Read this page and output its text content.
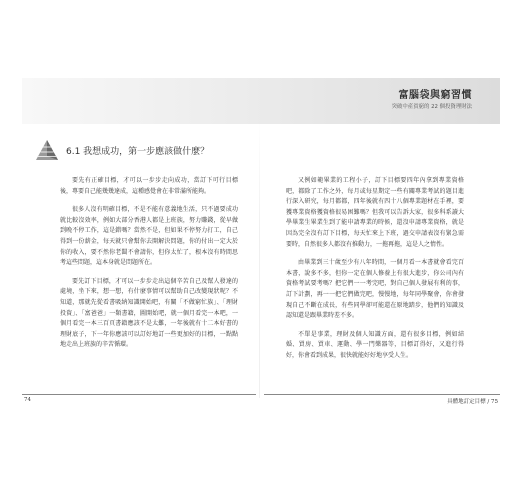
富腦袋與窮習慣
突破中產貧窮的 22 個投資理財法
6.1 我想成功，第一步應該做什麼？

要先有正確目標，才可以一步步走向成功，當訂下可行目標後，專要自己能幾幾達成，這種感覺會在非常滿所能夠。

很多人沒有明確目標，不是不能有意義地生活，只不過要成功就比較沒效率，例如大部分香港人都是上班族，努力賺錢，從早做到晚不停工作，這是錯嗎？當然不是，但如果不停努力打工，自己得到一份薪金，每天就只會幫你去開解決問題，你的付出一定大於你的收入，要不然你老闆不會請你，但你太忙了，根本沒有時間思考這些問題，這本身就是問題所在。

要先訂下目標，才可以一步步走出這個辛苦自己及幫人發達的處境，坐下來，想一想，有什麼事情可以幫助自己改變現狀呢？不知道，那就先從看書吸納知識開始吧，有關「不做窮忙族」、「理財投資」、「富爸爸」一類書籍，圖開始吧，就一個月看完一本吧，一個月看完一本三百頁書籍應該不是太難，一年後就有十二本好書的理財底子，下一年你應該可以訂好地訂一些更加好的目標，一點點地走出上班族的辛苦循環。

又例如範畢業的工程小子，訂下目標要四年內拿到專業資格吧，都除了工作之外，每月或每星期定一些有關專業考試的題目進行深入研究，每月都都，四年後就有四十八個專業題材在手裡，要獲專業資格獲資格很易困難嗎？但我可以告訴大家，很多科系讀大學畢業生畢業生到了能申請專業的時候，還沒申請專業資格，就是因為完全沒有訂下目標，每天忙來上下班，過交申請表沒有緊急需要時，自然很多人都沒有推動力，一拖再拖，這是人之惰性。

由畢業到三十歲至少有八年時間，一個月看一本書就會看完百本書，說多不多，但你一定在個人修養上有很大進步，你公司內有資格考試要考嗎？把它們一一考完吧，對自己個人發展有利的事，訂下計劃，再一一把它們做完吧，慢慢地，每年同學聚會，你會發現自己不斷在成長，有些同學卻可能還在原地踏步，他們的知識及認知還是跟畢業時差不多。

不單是事業，理財及個人知識方面，還有很多目標，例如結婚、買房、買車、運動、學一門樂器等，目標訂得好，又進行得好，你會看到成果，很快就能好好地享受人生。

74	具體地訂定目標 / 75
